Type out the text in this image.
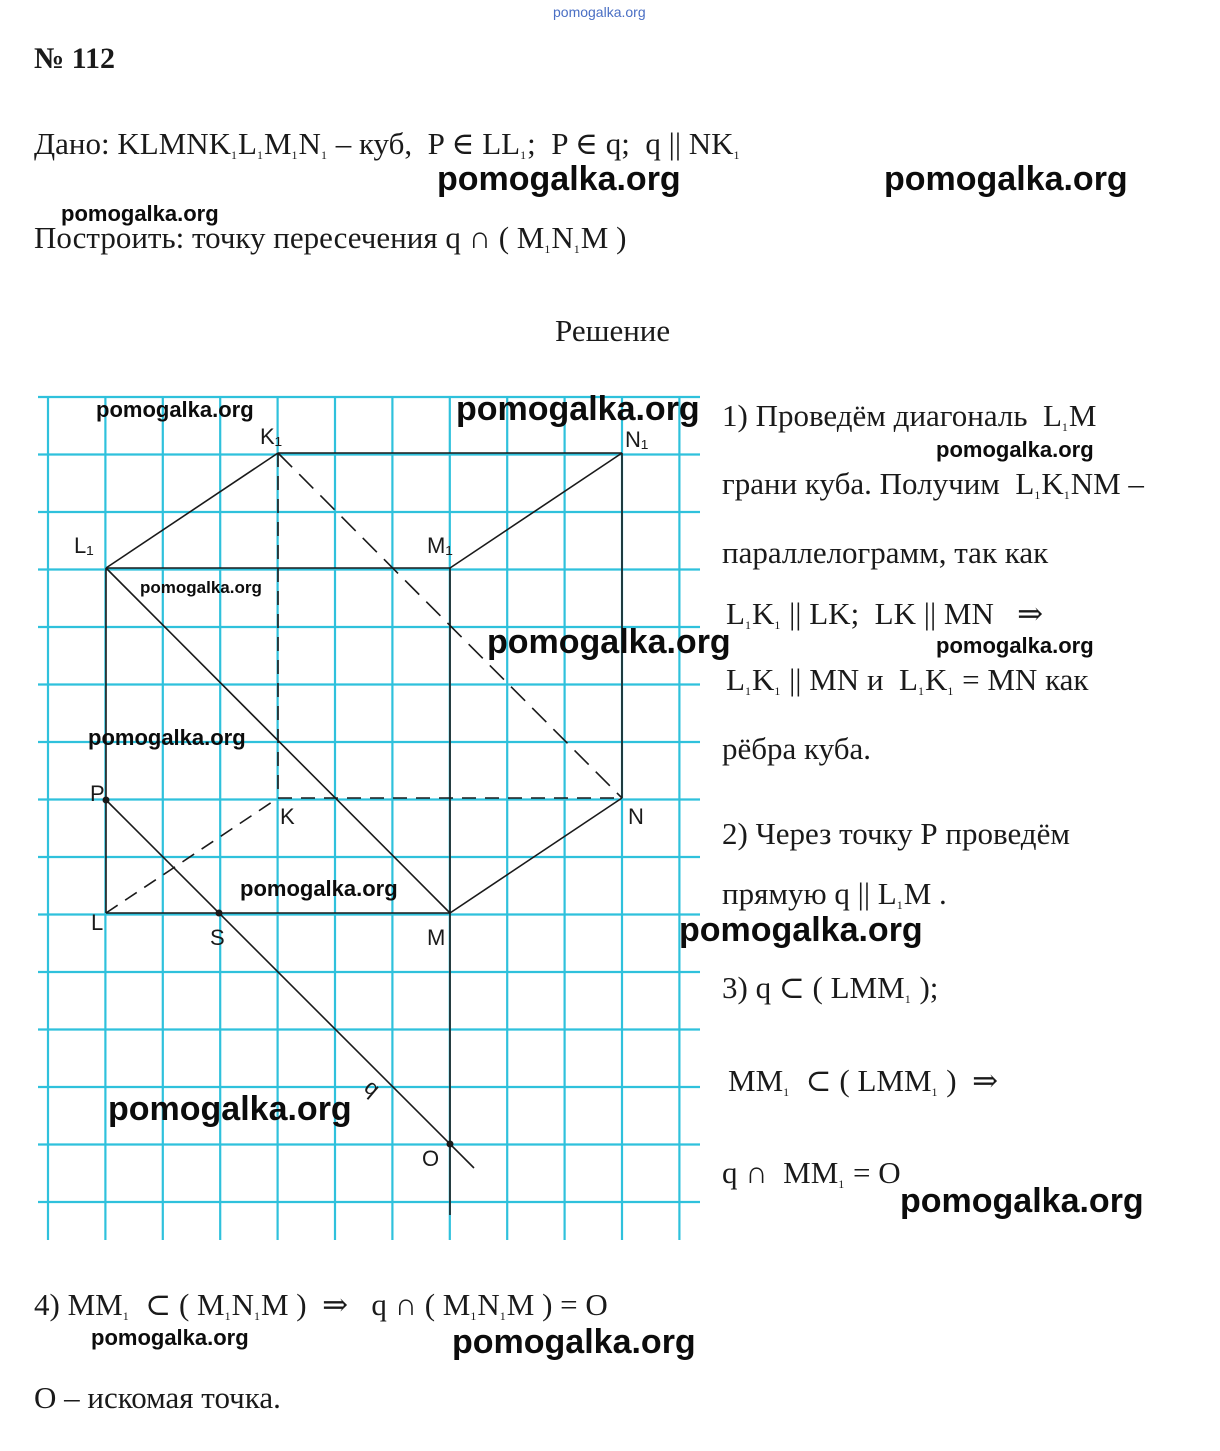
pomogalka.org
№ 112
Дано: $KLMNK_1L_1M_1N_1$ – куб,  P ∈ $LL_1$;  P ∈ q;  q || $NK_1$
Построить: точку пересечения q ∩ ( $M_1N_1M$ )
Решение
K₁	N₁
L₁	M₁
K	N
P
L
S	M
O
q
1) Проведём диагональ  $L_1M$
грани куба. Получим  $L_1K_1NM$ –
параллелограмм, так как
$L_1K_1$ || LK;  LK || MN   ⇒
$L_1K_1$ || MN и  $L_1K_1$ = MN как
рёбра куба.
2) Через точку Р проведём
прямую q || $L_1M$ .
3) q ⊂ ( $LMM_1$ );
$MM_1$  ⊂ ( $LMM_1$ )  ⇒
q ∩  $MM_1 = O$
4) $MM_1$  ⊂ ( $M_1N_1M$ )  ⇒   q ∩ ( $M_1N_1M$ ) = O
О – искомая точка.
pomogalka.org	pomogalka.org
pomogalka.org
pomogalka.org	pomogalka.org
pomogalka.org
pomogalka.org
pomogalka.org	pomogalka.org
pomogalka.org
pomogalka.org
pomogalka.org
pomogalka.org
pomogalka.org
pomogalka.org	pomogalka.org
